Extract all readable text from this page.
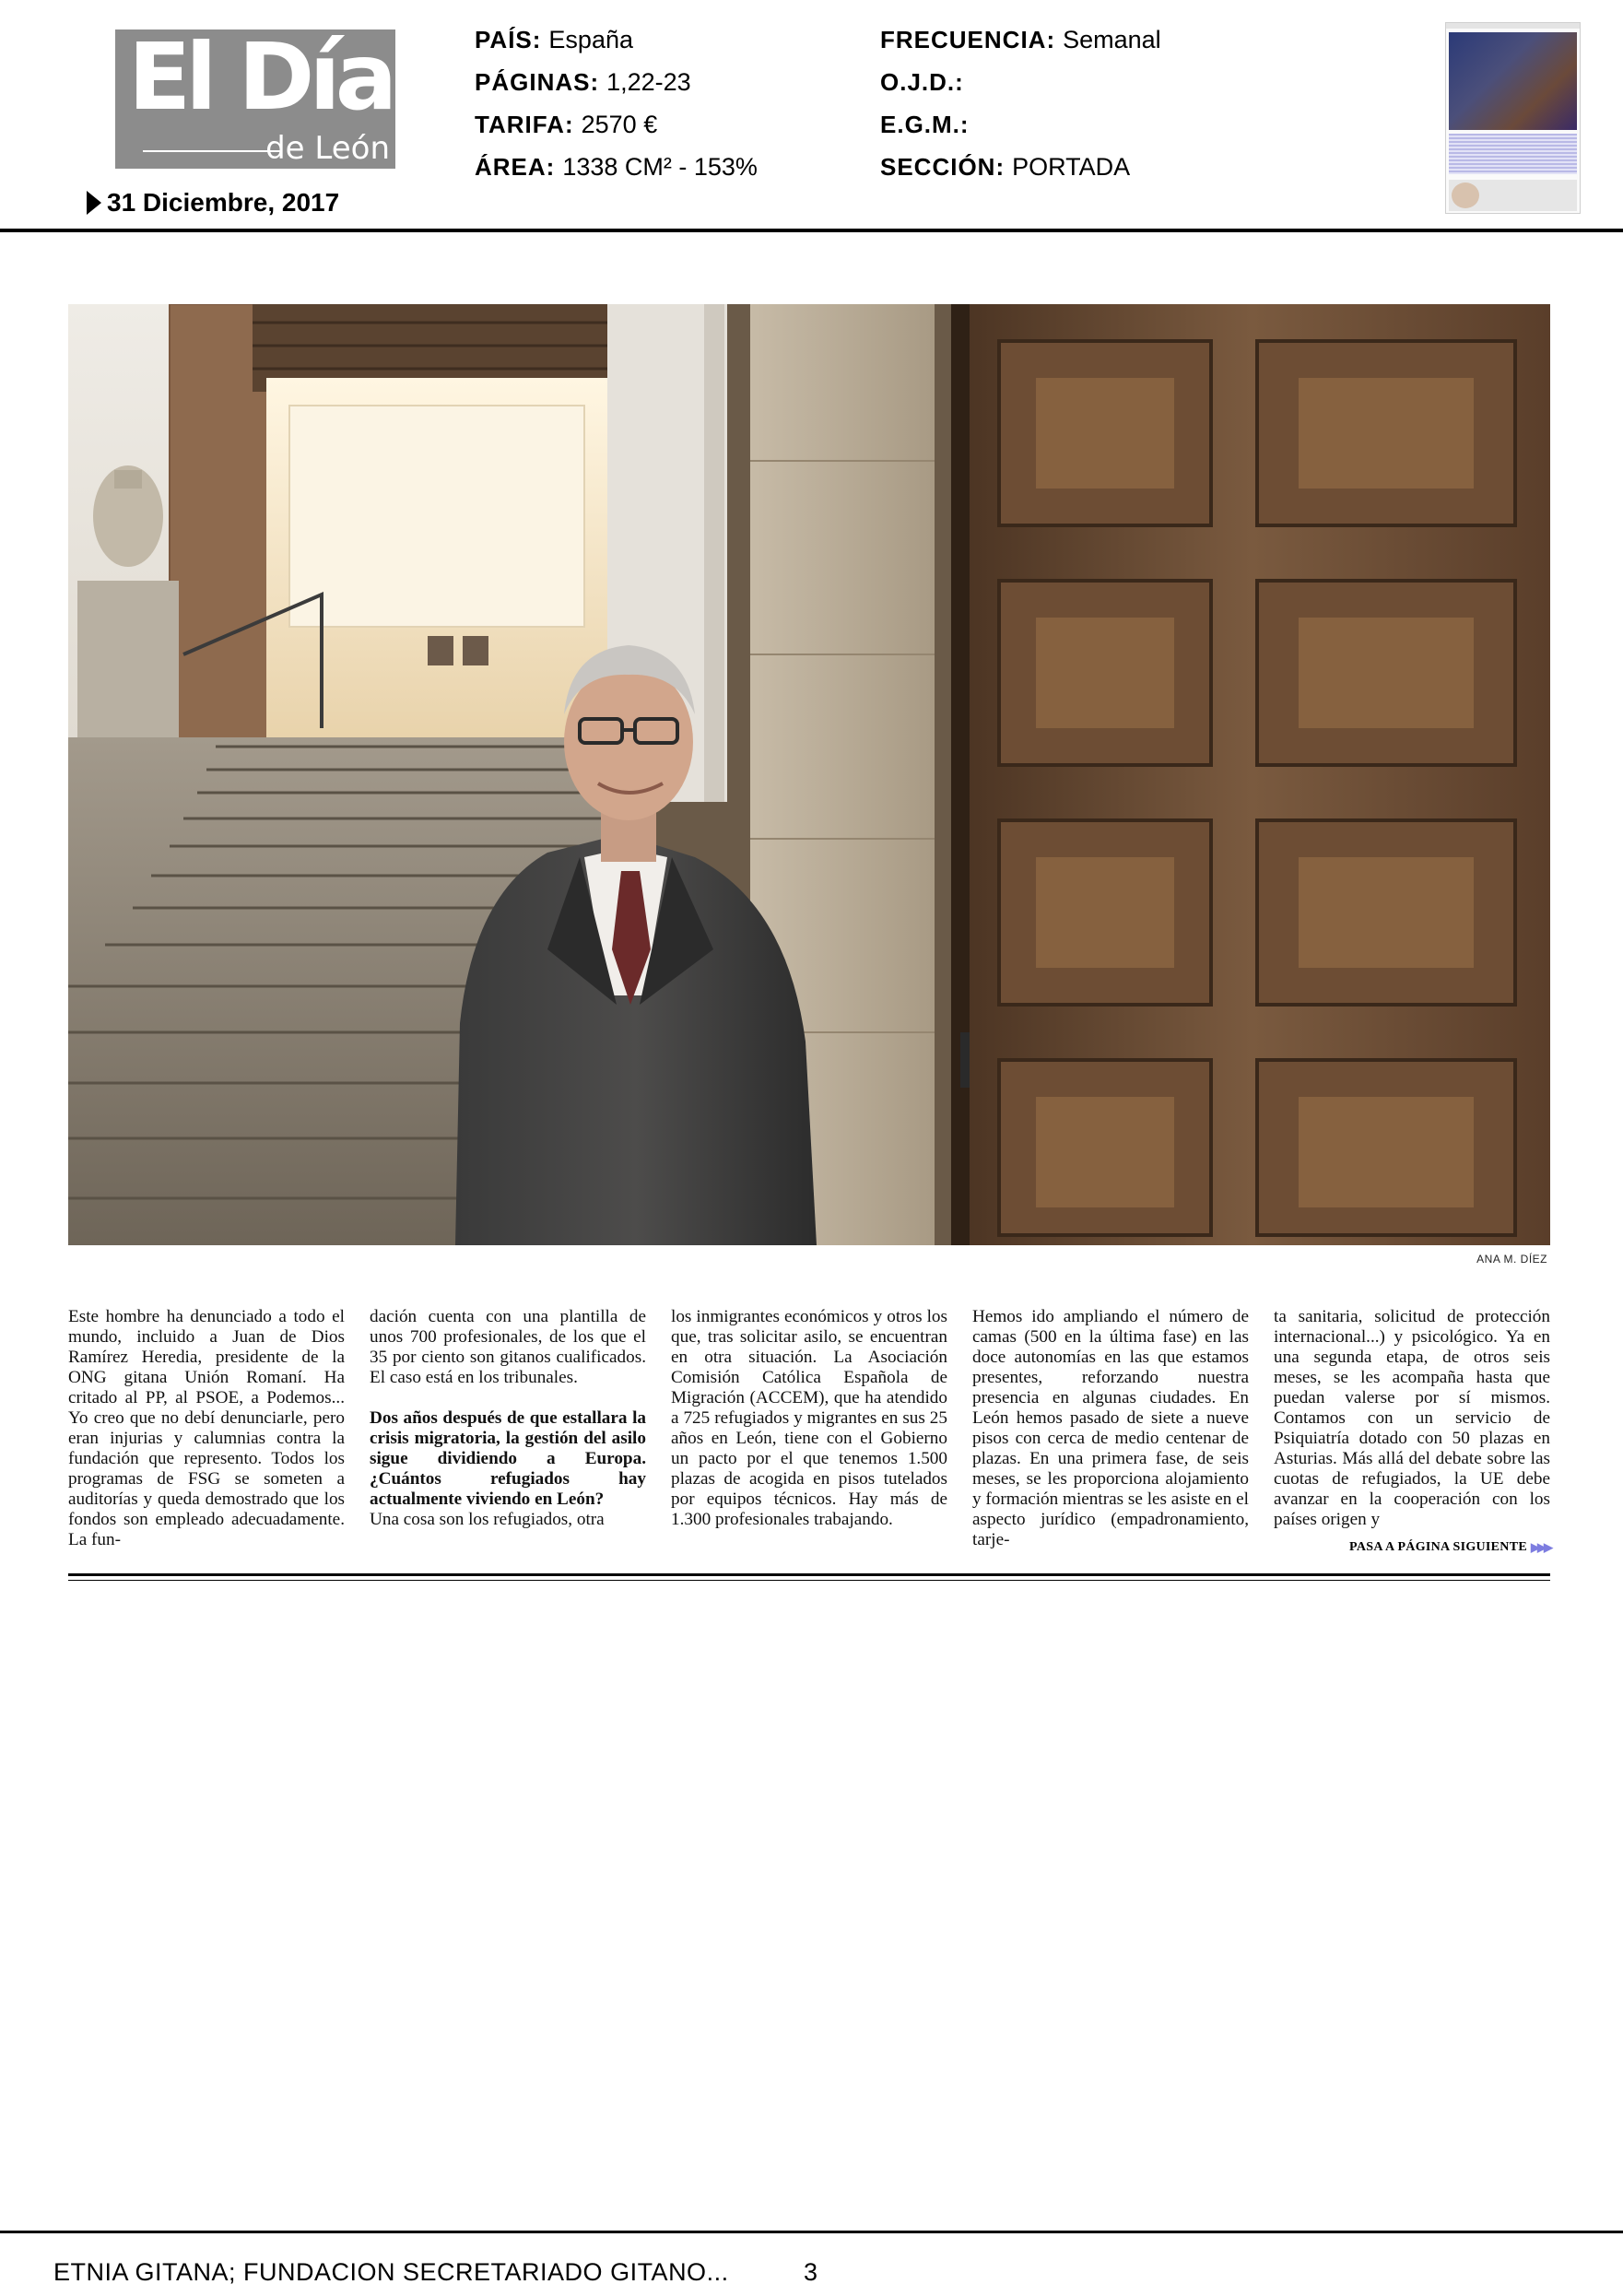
El Día
de León
31 Diciembre, 2017
PAÍS: España
PÁGINAS: 1,22-23
TARIFA: 2570 €
ÁREA: 1338 CM² - 153%
FRECUENCIA: Semanal
O.J.D.:
E.G.M.:
SECCIÓN: PORTADA
ANA M. DÍEZ

Este hombre ha denunciado a todo el mundo, incluido a Juan de Dios Ramírez Heredia, presidente de la ONG gitana Unión Romaní. Ha critado al PP, al PSOE, a Podemos... Yo creo que no debí denunciarle, pero eran injurias y calumnias contra la fundación que represento. Todos los programas de FSG se someten a auditorías y queda demostrado que los fondos son empleado adecuadamente. La fun-

dación cuenta con una plantilla de unos 700 profesionales, de los que el 35 por ciento son gitanos cualificados. El caso está en los tribunales.

Dos años después de que estallara la crisis migratoria, la gestión del asilo sigue dividiendo a Europa. ¿Cuántos refugiados hay actualmente viviendo en León?

Una cosa son los refugiados, otra

los inmigrantes económicos y otros los que, tras solicitar asilo, se encuentran en otra situación. La Asociación Comisión Católica Española de Migración (ACCEM), que ha atendido a 725 refugiados y migrantes en sus 25 años en León, tiene con el Gobierno un pacto por el que tenemos 1.500 plazas de acogida en pisos tutelados por equipos técnicos. Hay más de 1.300 profesionales trabajando.

Hemos ido ampliando el número de camas (500 en la última fase) en las doce autonomías en las que estamos presentes, reforzando nuestra presencia en algunas ciudades. En León hemos pasado de siete a nueve pisos con cerca de medio centenar de plazas. En una primera fase, de seis meses, se les proporciona alojamiento y formación mientras se les asiste en el aspecto jurídico (empadronamiento, tarje-

ta sanitaria, solicitud de protección internacional...) y psicológico. Ya en una segunda etapa, de otros seis meses, se les acompaña hasta que puedan valerse por sí mismos. Contamos con un servicio de Psiquiatría dotado con 50 plazas en Asturias. Más allá del debate sobre las cuotas de refugiados, la UE debe avanzar en la cooperación con los países origen y

PASA A PÁGINA SIGUIENTE ▶▶▶
ETNIA GITANA; FUNDACION SECRETARIADO GITANO...	3
